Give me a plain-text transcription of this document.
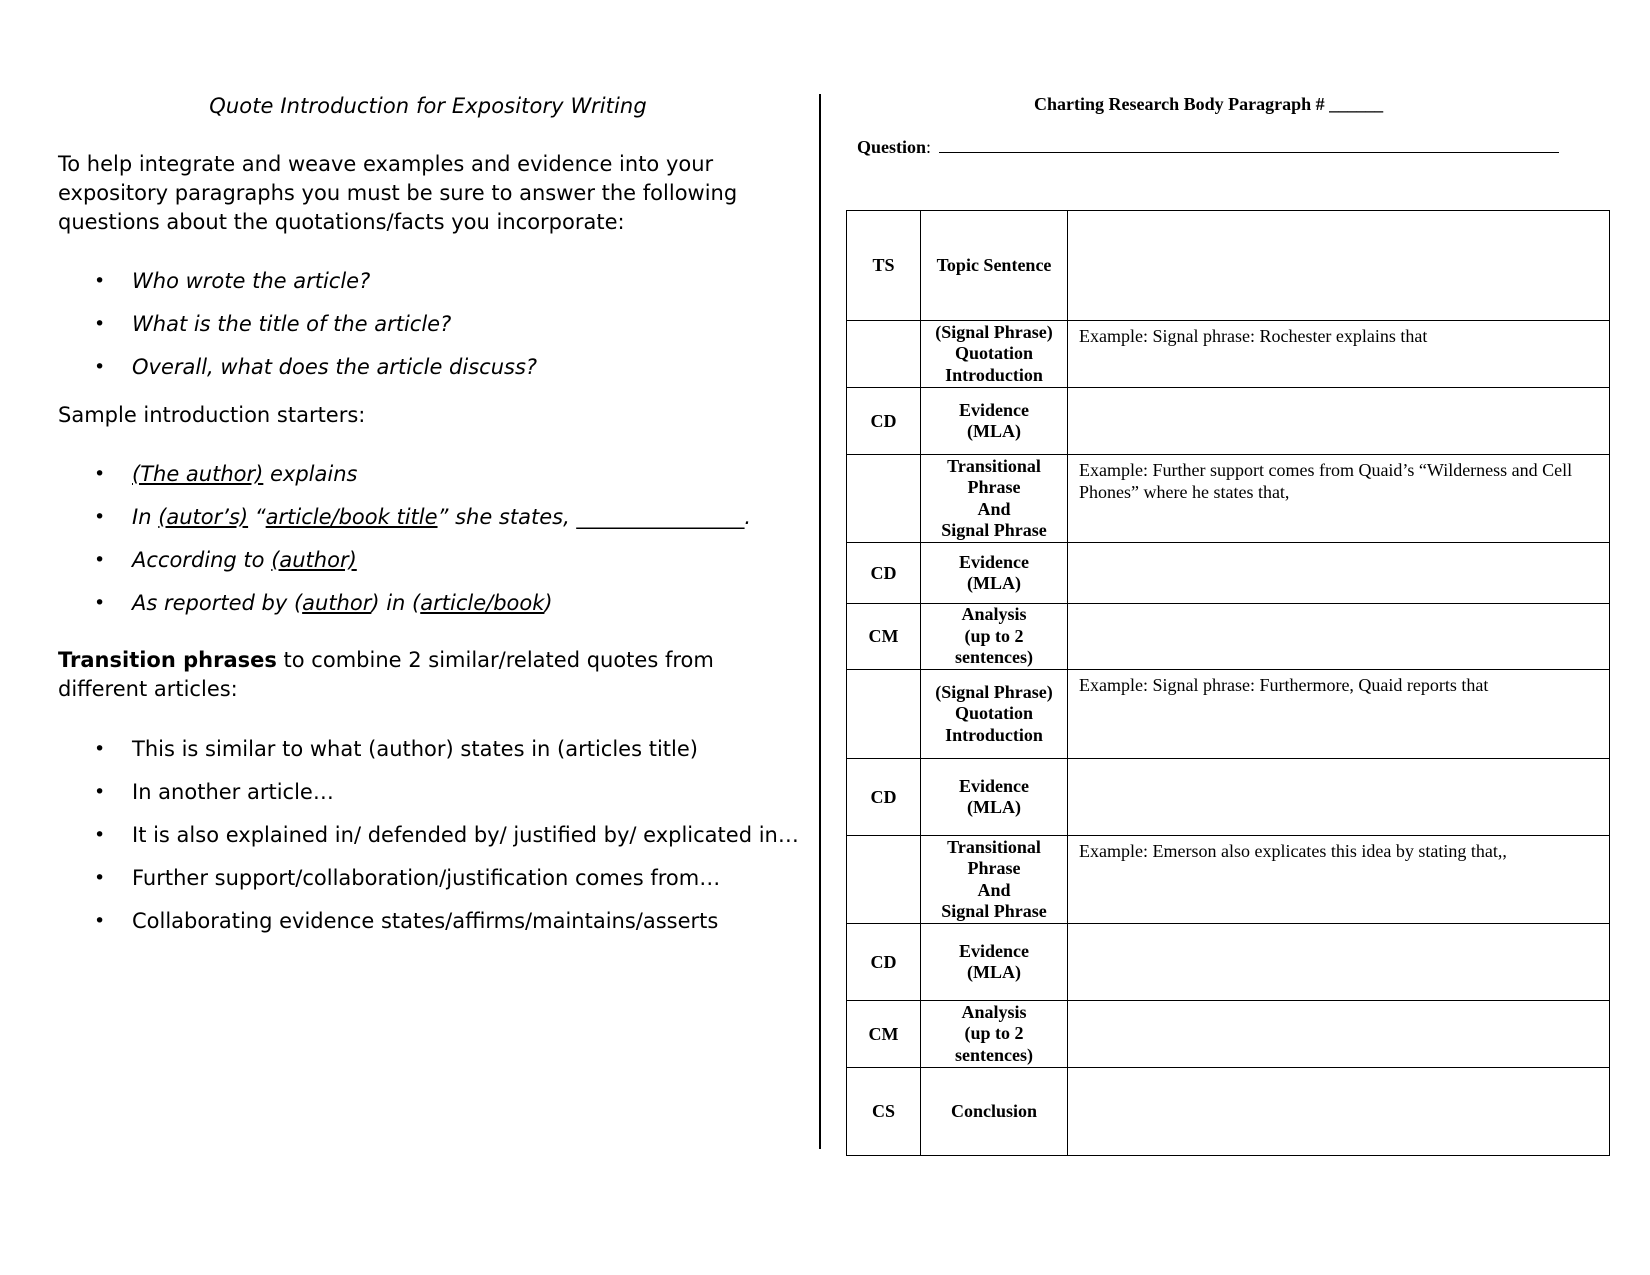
Quote Introduction for Expository Writing

To help integrate and weave examples and evidence into your expository paragraphs you must be sure to answer the following questions about the quotations/facts you incorporate:

• Who wrote the article?
• What is the title of the article?
• Overall, what does the article discuss?

Sample introduction starters:

• (The author) explains
• In (autor’s) “article/book title” she states, ________________.
• According to (author)
• As reported by (author) in (article/book)

Transition phrases to combine 2 similar/related quotes from different articles:

• This is similar to what (author) states in (articles title)
• In another article…
• It is also explained in/ defended by/ justified by/ explicated in…
• Further support/collaboration/justification comes from…
• Collaborating evidence states/affirms/maintains/asserts
Charting Research Body Paragraph # ______
Question:
TS	Topic Sentence	

	(Signal Phrase)
Quotation
Introduction	Example: Signal phrase: Rochester explains that
CD	Evidence
(MLA)	

	Transitional
Phrase
And
Signal Phrase	Example: Further support comes from Quaid’s “Wilderness and Cell Phones” where he states that,
CD	Evidence
(MLA)	

CM	Analysis
(up to 2
sentences)	

	(Signal Phrase)
Quotation
Introduction	Example: Signal phrase: Furthermore, Quaid reports that
CD	Evidence
(MLA)	

	Transitional
Phrase
And
Signal Phrase	Example: Emerson also explicates this idea by stating that,,
CD	Evidence
(MLA)	

CM	Analysis
(up to 2
sentences)	

CS	Conclusion	
